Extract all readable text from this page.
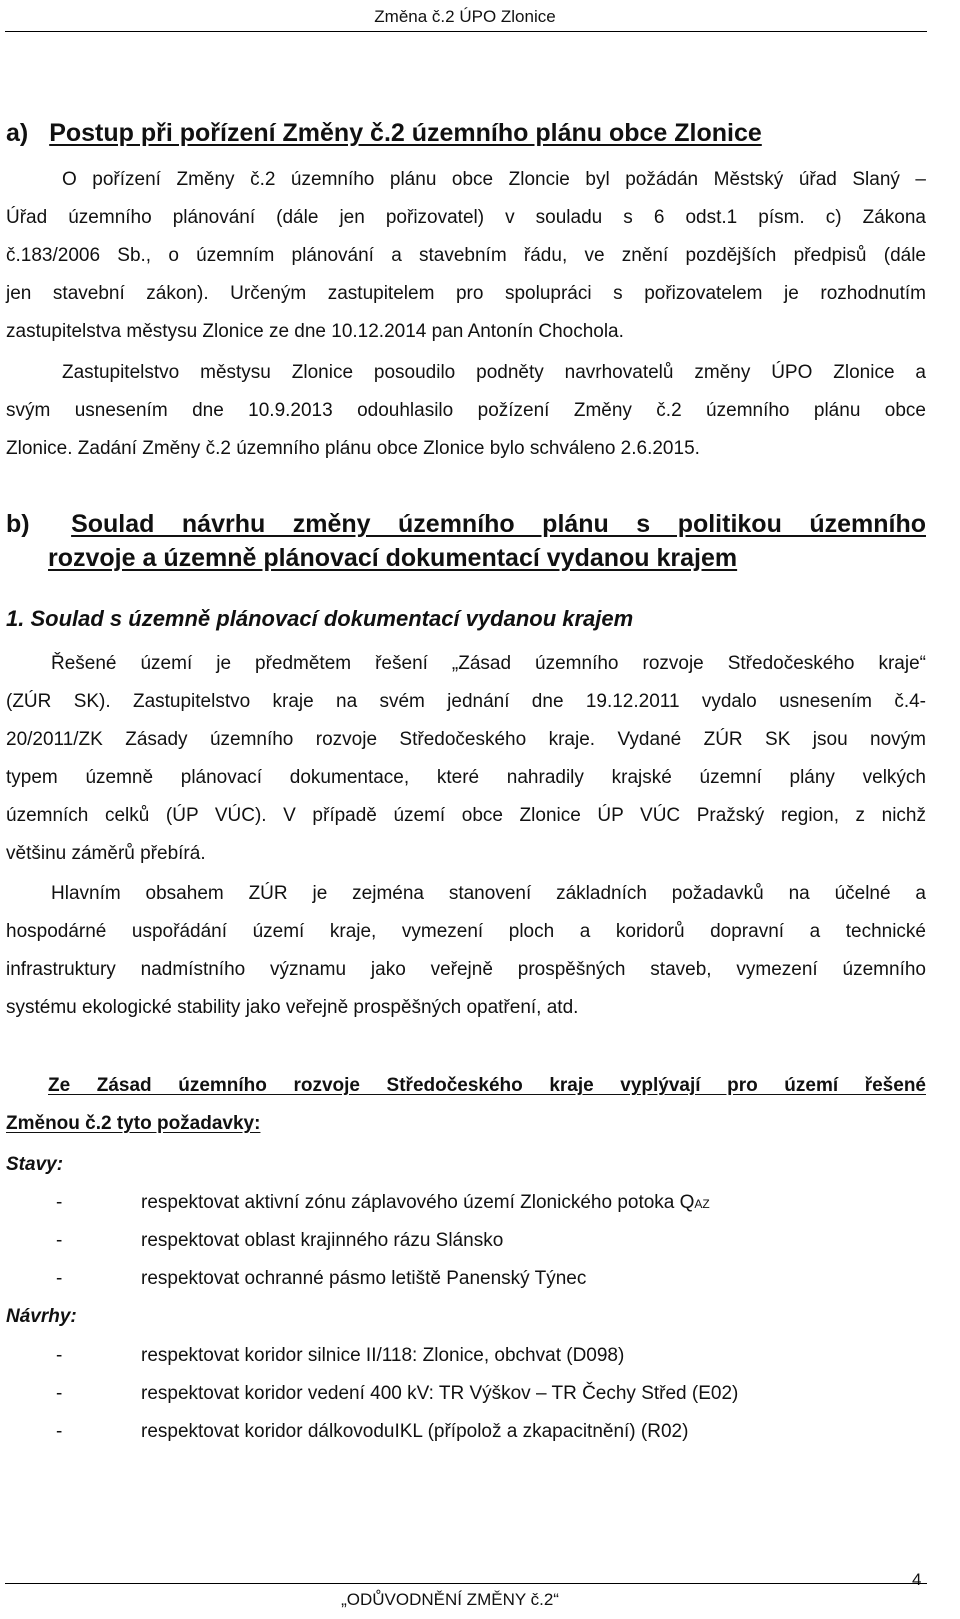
Změna č.2 ÚPO Zlonice
a) Postup při pořízení Změny č.2 územního plánu obce Zlonice
O pořízení Změny č.2 územního plánu obce Zloncie byl požádán Městský úřad Slaný –
Úřad územního plánování (dále jen pořizovatel) v souladu s 6 odst.1 písm. c) Zákona
č.183/2006 Sb., o územním plánování a stavebním řádu, ve znění pozdějších předpisů (dále
jen stavební zákon). Určeným zastupitelem pro spolupráci s pořizovatelem je rozhodnutím
zastupitelstva městysu Zlonice ze dne 10.12.2014 pan Antonín Chochola.
Zastupitelstvo městysu Zlonice posoudilo podněty navrhovatelů změny ÚPO Zlonice a
svým usnesením dne 10.9.2013 odouhlasilo požízení Změny č.2 územního plánu obce
Zlonice. Zadání Změny č.2 územního plánu obce Zlonice bylo schváleno 2.6.2015.
b) Soulad návrhu změny územního plánu s politikou územního
rozvoje a územně plánovací dokumentací vydanou krajem
1. Soulad s územně plánovací dokumentací vydanou krajem
Řešené území je předmětem řešení „Zásad územního rozvoje Středočeského kraje“
(ZÚR SK). Zastupitelstvo kraje na svém jednání dne 19.12.2011 vydalo usnesením č.4-
20/2011/ZK Zásady územního rozvoje Středočeského kraje. Vydané ZÚR SK jsou novým
typem územně plánovací dokumentace, které nahradily krajské územní plány velkých
územních celků (ÚP VÚC). V případě území obce Zlonice ÚP VÚC Pražský region, z nichž
většinu záměrů přebírá.
Hlavním obsahem ZÚR je zejména stanovení základních požadavků na účelné a
hospodárné uspořádání území kraje, vymezení ploch a koridorů dopravní a technické
infrastruktury nadmístního významu jako veřejně prospěšných staveb, vymezení územního
systému ekologické stability jako veřejně prospěšných opatření, atd.
Ze Zásad územního rozvoje Středočeského kraje vyplývají pro území řešené
Změnou č.2 tyto požadavky:
Stavy:
-	respektovat aktivní zónu záplavového území Zlonického potoka QAZ
-	respektovat oblast krajinného rázu Slánsko
-	respektovat ochranné pásmo letiště Panenský Týnec
Návrhy:
-	respektovat koridor silnice II/118: Zlonice, obchvat (D098)
-	respektovat koridor vedení 400 kV: TR Výškov – TR Čechy Střed (E02)
-	respektovat koridor dálkovoduIKL (přípolož a zkapacitnění) (R02)
4
„ODŮVODNĚNÍ ZMĚNY č.2“
